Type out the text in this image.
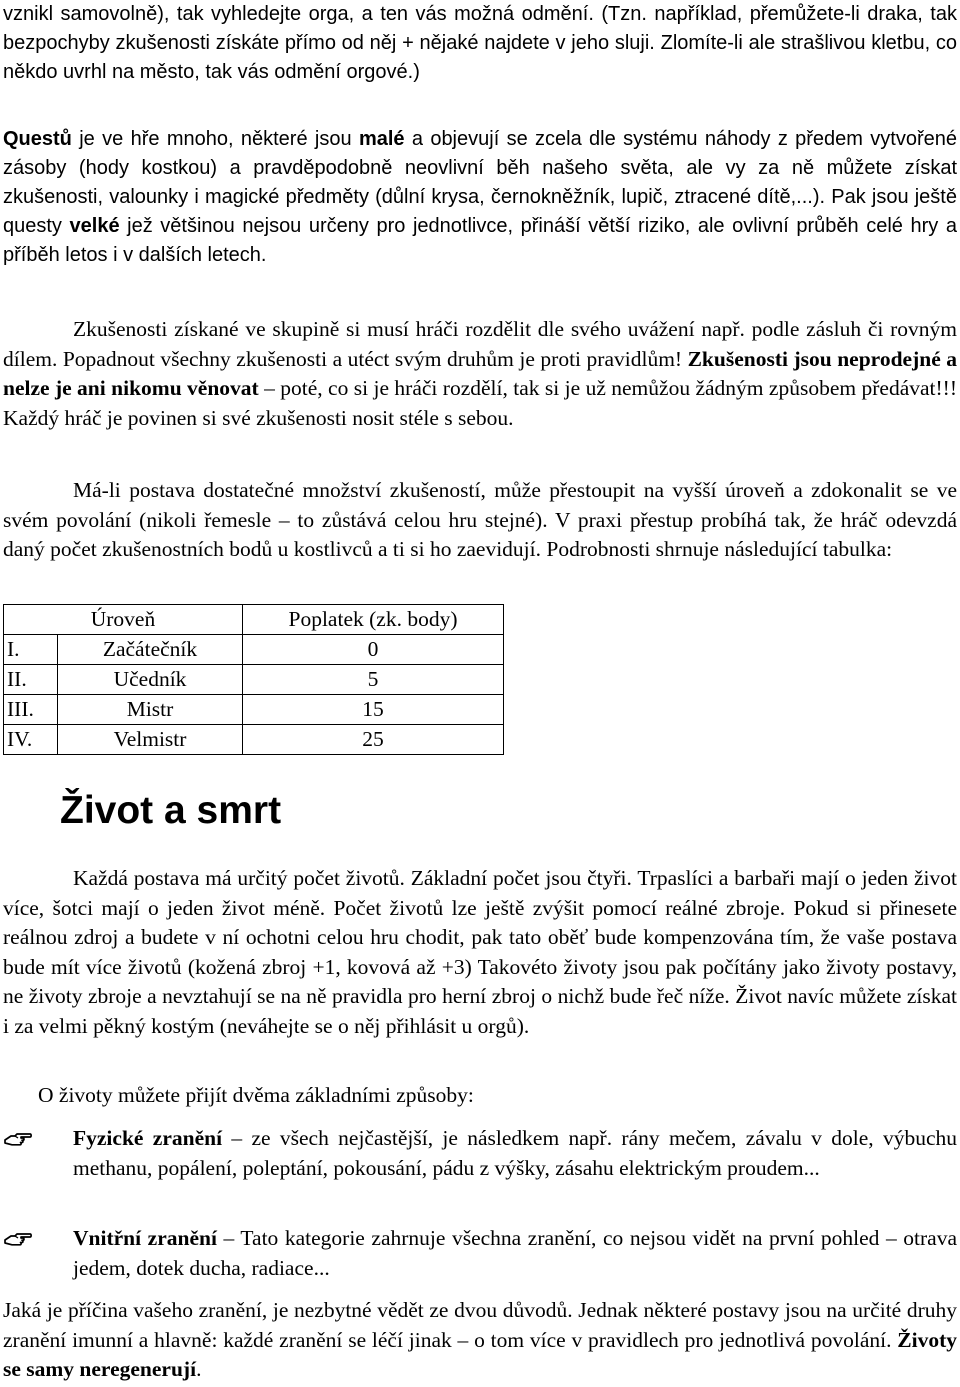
vznikl samovolně), tak vyhledejte orga, a ten vás možná odmění. (Tzn. například, přemůžete-li draka, tak bezpochyby zkušenosti získáte přímo od něj + nějaké najdete v jeho sluji. Zlomíte-li ale strašlivou kletbu, co někdo uvrhl na město, tak vás odmění orgové.)

Questů je ve hře mnoho, některé jsou malé a objevují se zcela dle systému náhody z předem vytvořené zásoby (hody kostkou) a pravděpodobně neovlivní běh našeho světa, ale vy za ně můžete získat zkušenosti, valounky i magické předměty (důlní krysa, černokněžník, lupič, ztracené dítě,...). Pak jsou ještě questy velké jež většinou nejsou určeny pro jednotlivce, přináší větší riziko, ale ovlivní průběh celé hry a příběh letos i v dalších letech.

Zkušenosti získané ve skupině si musí hráči rozdělit dle svého uvážení např. podle zásluh či rovným dílem. Popadnout všechny zkušenosti a utéct svým druhům je proti pravidlům! Zkušenosti jsou neprodejné a nelze je ani nikomu věnovat – poté, co si je hráči rozdělí, tak si je už nemůžou žádným způsobem předávat!!! Každý hráč je povinen si své zkušenosti nosit stéle s sebou.

Má-li postava dostatečné množství zkušeností, může přestoupit na vyšší úroveň a zdokonalit se ve svém povolání (nikoli řemesle – to zůstává celou hru stejné). V praxi přestup probíhá tak, že hráč odevzdá daný počet zkušenostních bodů u kostlivců a ti si ho zaevidují. Podrobnosti shrnuje následující tabulka:

Úroveň		Poplatek (zk. body)
I.	Začátečník	0
II.	Učedník	5
III.	Mistr	15
IV.	Velmistr	25
Život a smrt

Každá postava má určitý počet životů. Základní počet jsou čtyři. Trpaslíci a barbaři mají o jeden život více, šotci mají o jeden život méně. Počet životů lze ještě zvýšit pomocí reálné zbroje. Pokud si přinesete reálnou zdroj a budete v ní ochotni celou hru chodit, pak tato oběť bude kompenzována tím, že vaše postava bude mít více životů (kožená zbroj +1, kovová až +3) Takovéto životy jsou pak počítány jako životy postavy, ne životy zbroje a nevztahují se na ně pravidla pro herní zbroj o nichž bude řeč níže. Život navíc můžete získat i za velmi pěkný kostým (neváhejte se o něj přihlásit u orgů).

O životy můžete přijít dvěma základními způsoby:

Fyzické zranění – ze všech nejčastější, je následkem např. rány mečem, závalu v dole, výbuchu methanu, popálení, poleptání, pokousání, pádu z výšky, zásahu elektrickým proudem...
Vnitřní zranění – Tato kategorie zahrnuje všechna zranění, co nejsou vidět na první pohled – otrava jedem, dotek ducha, radiace...

Jaká je příčina vašeho zranění, je nezbytné vědět ze dvou důvodů. Jednak některé postavy jsou na určité druhy zranění imunní a hlavně: každé zranění se léčí jinak – o tom více v pravidlech pro jednotlivá povolání. Životy se samy neregenerují.
